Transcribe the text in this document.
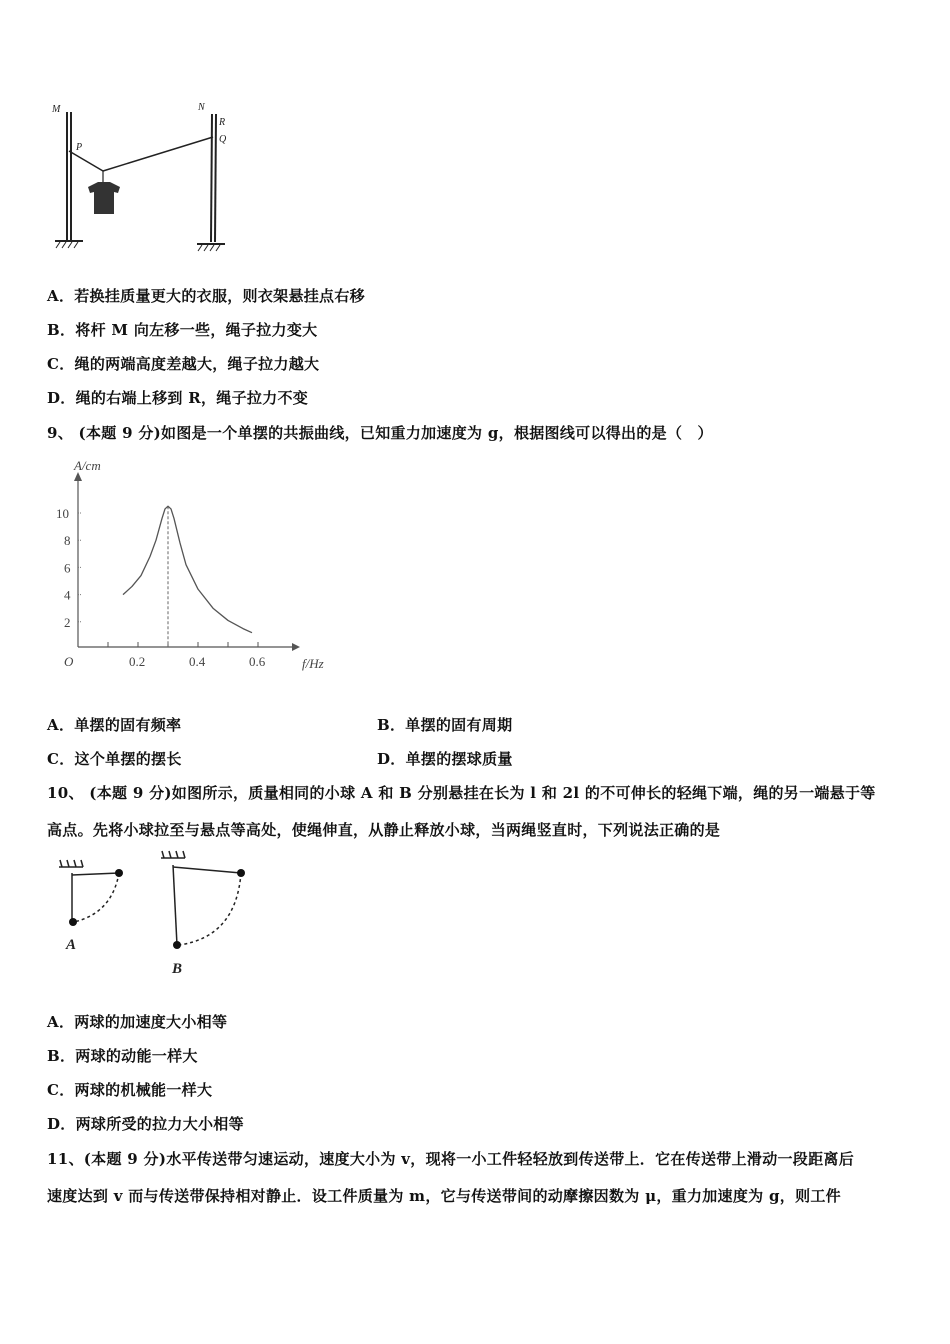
M	N
P
Q
R
A．若换挂质量更大的衣服，则衣架悬挂点右移
B．将杆 M 向左移一些，绳子拉力变大
C．绳的两端高度差越大，绳子拉力越大
D．绳的右端上移到 R，绳子拉力不变
9、 (本题 9 分)如图是一个单摆的共振曲线，已知重力加速度为 g，根据图线可以得出的是（　）
A/cm
f/Hz
O	0.2	0.4	0.6
2
4
6
8
10
A．单摆的固有频率	B．单摆的固有周期
C．这个单摆的摆长	D．单摆的摆球质量
10、 (本题 9 分)如图所示，质量相同的小球 A 和 B 分别悬挂在长为 l 和 2l 的不可伸长的轻绳下端，绳的另一端悬于等
高点。先将小球拉至与悬点等高处，使绳伸直，从静止释放小球，当两绳竖直时，下列说法正确的是
A
B
A．两球的加速度大小相等
B．两球的动能一样大
C．两球的机械能一样大
D．两球所受的拉力大小相等
11、(本题 9 分)水平传送带匀速运动，速度大小为 v，现将一小工件轻轻放到传送带上．它在传送带上滑动一段距离后
速度达到 v 而与传送带保持相对静止．设工件质量为 m，它与传送带间的动摩擦因数为 μ，重力加速度为 g，则工件
